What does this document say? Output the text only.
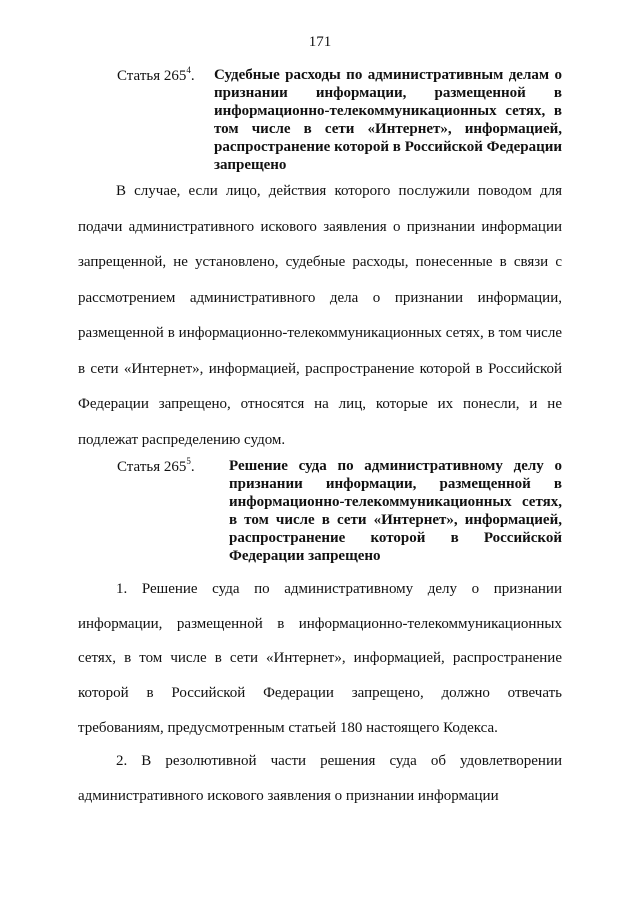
171
Статья $265^4$. Судебные расходы по административным делам о признании информации, размещенной в информационно-телекоммуникационных сетях, в том числе в сети «Интернет», информацией, распространение которой в Российской Федерации запрещено
В случае, если лицо, действия которого послужили поводом для
подачи административного искового заявления о признании информации
запрещенной, не установлено, судебные расходы, понесенные в связи с
рассмотрением административного дела о признании информации,
размещенной в информационно-телекоммуникационных сетях, в том числе
в сети «Интернет», информацией, распространение которой в Российской
Федерации запрещено, относятся на лиц, которые их понесли, и не
подлежат распределению судом.
Статья $265^5$. Решение суда по административному делу о признании информации, размещенной в информационно-телекоммуникационных сетях, в том числе в сети «Интернет», информацией, распространение которой в Российской Федерации запрещено
1. Решение суда по административному делу о признании
информации, размещенной в информационно-телекоммуникационных
сетях, в том числе в сети «Интернет», информацией, распространение
которой в Российской Федерации запрещено, должно отвечать
требованиям, предусмотренным статьей 180 настоящего Кодекса.
2. В резолютивной части решения суда об удовлетворении
административного искового заявления о признании информации
